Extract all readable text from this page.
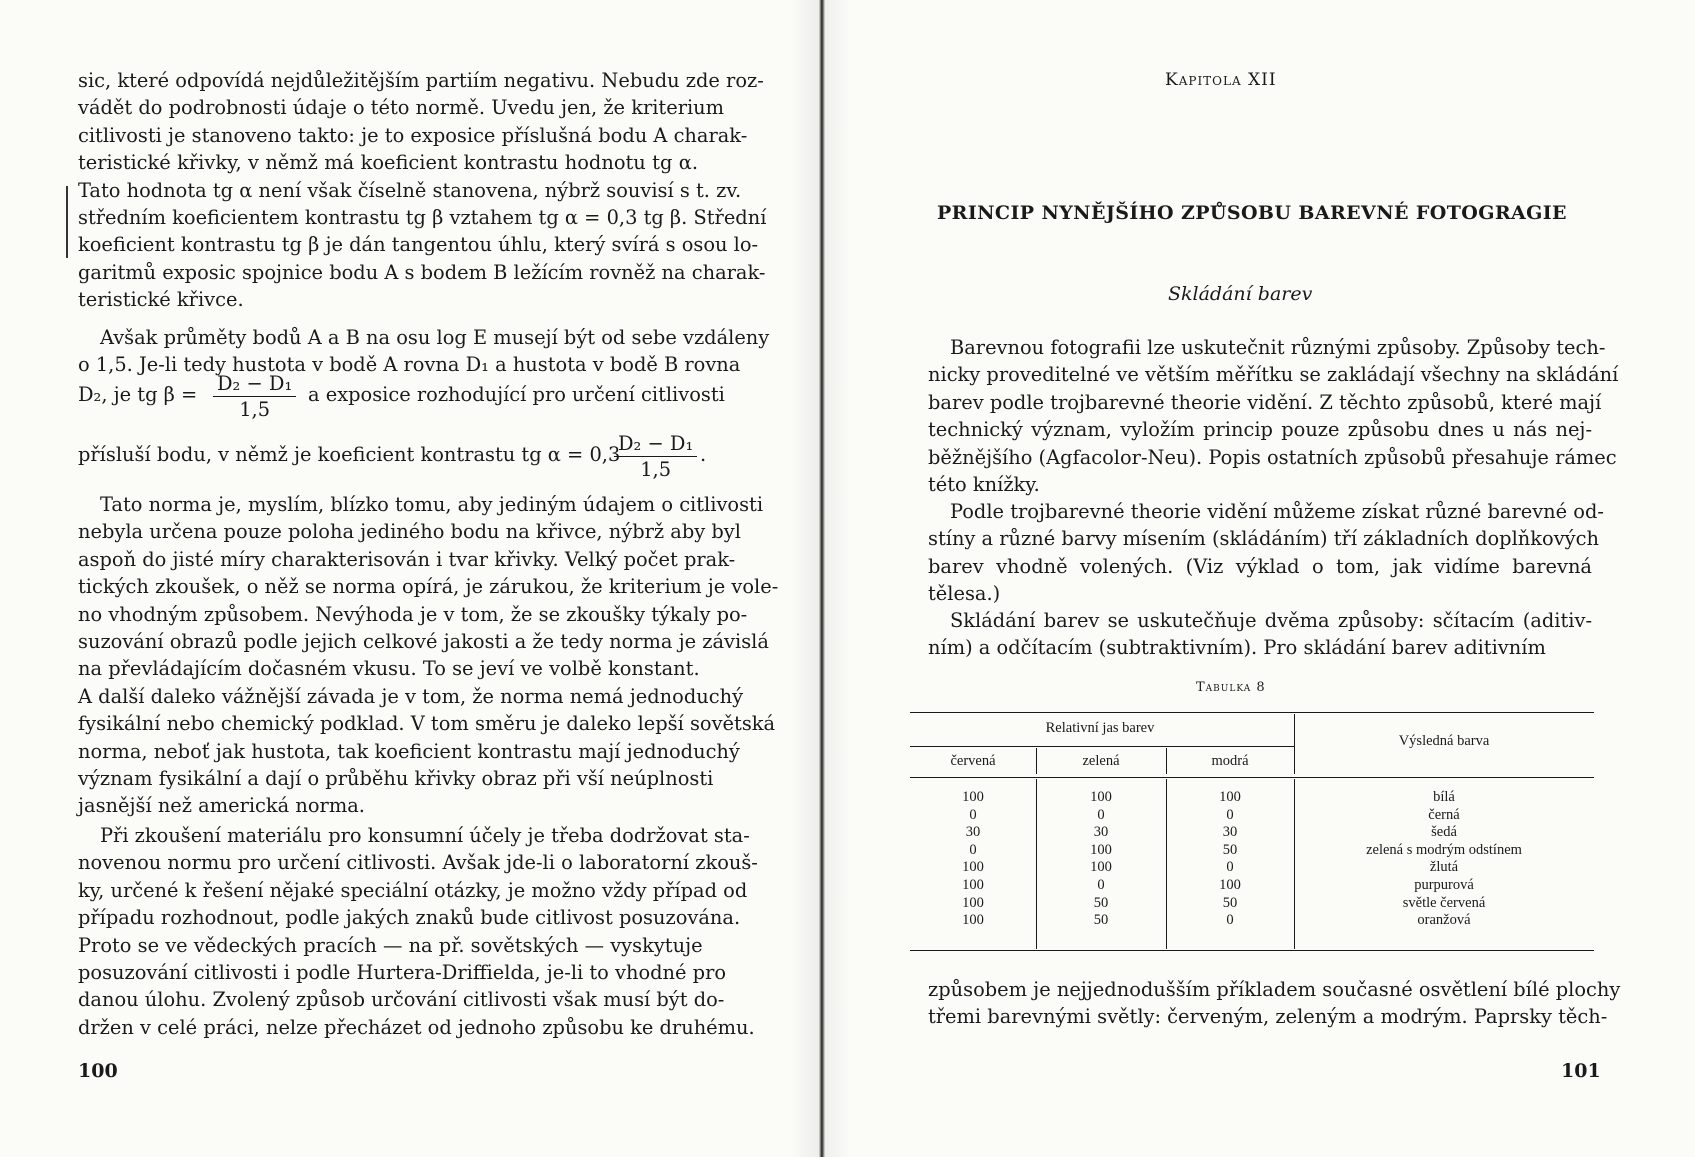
sic, které odpovídá nejdůležitějším partiím negativu. Nebudu zde roz-
vádět do podrobnosti údaje o této normě. Uvedu jen, že kriterium
citlivosti je stanoveno takto: je to exposice příslušná bodu A charak-
teristické křivky, v němž má koeficient kontrastu hodnotu tg α.
Tato hodnota tg α není však číselně stanovena, nýbrž souvisí s t. zv.
středním koeficientem kontrastu tg β vztahem tg α = 0,3 tg β. Střední
koeficient kontrastu tg β je dán tangentou úhlu, který svírá s osou lo-
garitmů exposic spojnice bodu A s bodem B ležícím rovněž na charak-
teristické křivce.
Avšak průměty bodů A a B na osu log E musejí být od sebe vzdáleny
o 1,5. Je-li tedy hustota v bodě A rovna D₁ a hustota v bodě B rovna
D₂, je tg $\beta = \frac{\text{D₂ − D₁}}{1,5}$ a exposice rozhodující pro určení citlivosti
přísluší bodu, v němž je koeficient kontrastu tg α = 0,3
$\frac{\text{D₂ − D₁}}{1,5}$ .
Tato norma je, myslím, blízko tomu, aby jediným údajem o citlivosti
nebyla určena pouze poloha jediného bodu na křivce, nýbrž aby byl
aspoň do jisté míry charakterisován i tvar křivky. Velký počet prak-
tických zkoušek, o něž se norma opírá, je zárukou, že kriterium je vole-
no vhodným způsobem. Nevýhoda je v tom, že se zkoušky týkaly po-
suzování obrazů podle jejich celkové jakosti a že tedy norma je závislá
na převládajícím dočasném vkusu. To se jeví ve volbě konstant.
A další daleko vážnější závada je v tom, že norma nemá jednoduchý
fysikální nebo chemický podklad. V tom směru je daleko lepší sovětská
norma, neboť jak hustota, tak koeficient kontrastu mají jednoduchý
význam fysikální a dají o průběhu křivky obraz při vší neúplnosti
jasnější než americká norma.
Při zkoušení materiálu pro konsumní účely je třeba dodržovat sta-
novenou normu pro určení citlivosti. Avšak jde-li o laboratorní zkouš-
ky, určené k řešení nějaké speciální otázky, je možno vždy případ od
případu rozhodnout, podle jakých znaků bude citlivost posuzována.
Proto se ve vědeckých pracích — na př. sovětských — vyskytuje
posuzování citlivosti i podle Hurtera-Driffielda, je-li to vhodné pro
danou úlohu. Zvolený způsob určování citlivosti však musí být do-
držen v celé práci, nelze přecházet od jednoho způsobu ke druhému.
100
Kapitola XII
PRINCIP NYNĚJŠÍHO ZPŮSOBU BAREVNÉ FOTOGRAGIE
Skládání barev
Barevnou fotografii lze uskutečnit různými způsoby. Způsoby tech-
nicky proveditelné ve větším měřítku se zakládají všechny na skládání
barev podle trojbarevné theorie vidění. Z těchto způsobů, které mají
technický význam, vyložím princip pouze způsobu dnes u nás nej-
běžnějšího (Agfacolor-Neu). Popis ostatních způsobů přesahuje rámec
této knížky.
Podle trojbarevné theorie vidění můžeme získat různé barevné od-
stíny a různé barvy mísením (skládáním) tří základních doplňkových
barev vhodně volených. (Viz výklad o tom, jak vidíme barevná
tělesa.)
Skládání barev se uskutečňuje dvěma způsoby: sčítacím (aditiv-
ním) a odčítacím (subtraktivním). Pro skládání barev aditivním
Tabulka 8
Relativní jas barev
Výsledná barva
červená	zelená	modrá
100	100	100	bílá
0	0	0	černá
30	30	30	šedá
0	100	50	zelená s modrým odstínem
100	100	0	žlutá
100	0	100	purpurová
100	50	50	světle červená
100	50	0	oranžová
způsobem je nejjednodušším příkladem současné osvětlení bílé plochy
třemi barevnými světly: červeným, zeleným a modrým. Paprsky těch-
101
